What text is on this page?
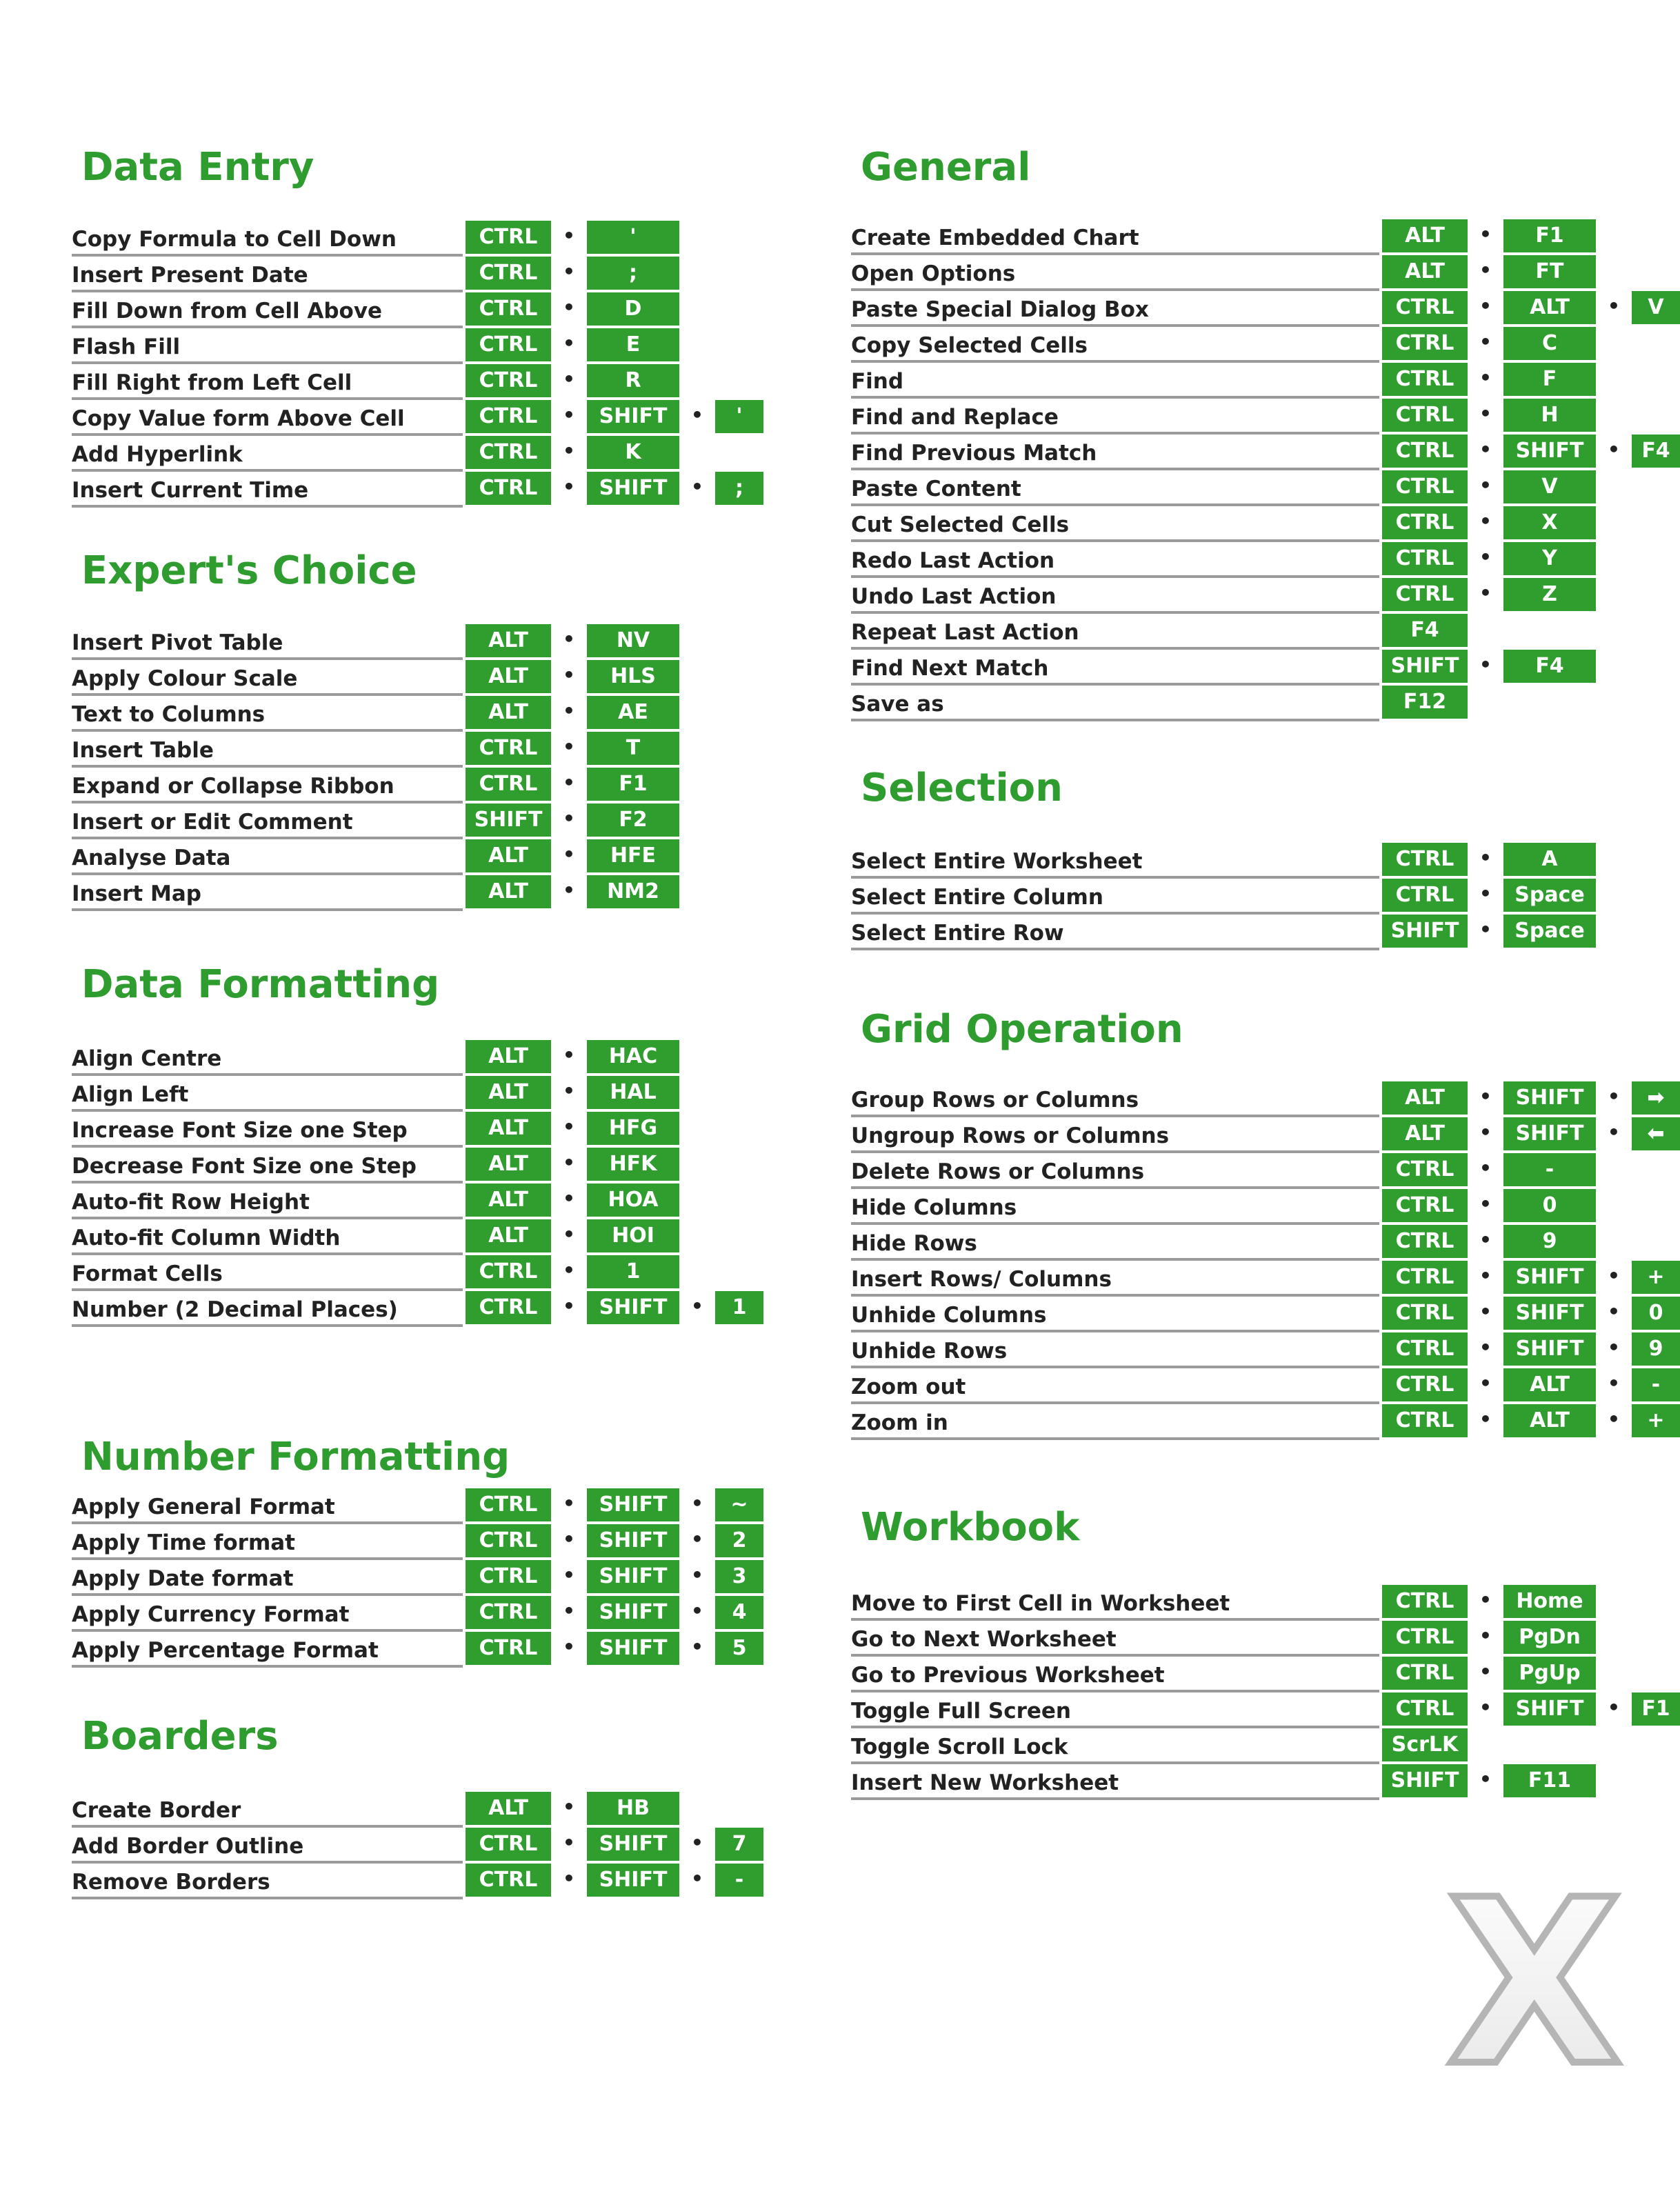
Data Entry
Copy Formula to Cell Down	CTRL	•	'
Insert Present Date	CTRL	•	;
Fill Down from Cell Above	CTRL	•	D
Flash Fill	CTRL	•	E
Fill Right from Left Cell	CTRL	•	R
Copy Value form Above Cell	CTRL	•	SHIFT	•	'
Add Hyperlink	CTRL	•	K
Insert Current Time	CTRL	•	SHIFT	•	;
Expert's Choice
Insert Pivot Table	ALT	•	NV
Apply Colour Scale	ALT	•	HLS
Text to Columns	ALT	•	AE
Insert Table	CTRL	•	T
Expand or Collapse Ribbon	CTRL	•	F1
Insert or Edit Comment	SHIFT	•	F2
Analyse Data	ALT	•	HFE
Insert Map	ALT	•	NM2
Data Formatting
Align Centre	ALT	•	HAC
Align Left	ALT	•	HAL
Increase Font Size one Step	ALT	•	HFG
Decrease Font Size one Step	ALT	•	HFK
Auto-fit Row Height	ALT	•	HOA
Auto-fit Column Width	ALT	•	HOI
Format Cells	CTRL	•	1
Number (2 Decimal Places)	CTRL	•	SHIFT	•	1
Number Formatting
Apply General Format	CTRL	•	SHIFT	•	~
Apply Time format	CTRL	•	SHIFT	•	2
Apply Date format	CTRL	•	SHIFT	•	3
Apply Currency Format	CTRL	•	SHIFT	•	4
Apply Percentage Format	CTRL	•	SHIFT	•	5
Boarders
Create Border	ALT	•	HB
Add Border Outline	CTRL	•	SHIFT	•	7
Remove Borders	CTRL	•	SHIFT	•	-
General
Create Embedded Chart	ALT	•	F1
Open Options	ALT	•	FT
Paste Special Dialog Box	CTRL	•	ALT	•	V
Copy Selected Cells	CTRL	•	C
Find	CTRL	•	F
Find and Replace	CTRL	•	H
Find Previous Match	CTRL	•	SHIFT	•	F4
Paste Content	CTRL	•	V
Cut Selected Cells	CTRL	•	X
Redo Last Action	CTRL	•	Y
Undo Last Action	CTRL	•	Z
Repeat Last Action	F4
Find Next Match	SHIFT	•	F4
Save as	F12
Selection
Select Entire Worksheet	CTRL	•	A
Select Entire Column	CTRL	•	Space
Select Entire Row	SHIFT	•	Space
Grid Operation
Group Rows or Columns	ALT	•	SHIFT	•	➡
Ungroup Rows or Columns	ALT	•	SHIFT	•	⬅
Delete Rows or Columns	CTRL	•	-
Hide Columns	CTRL	•	0
Hide Rows	CTRL	•	9
Insert Rows/ Columns	CTRL	•	SHIFT	•	+
Unhide Columns	CTRL	•	SHIFT	•	0
Unhide Rows	CTRL	•	SHIFT	•	9
Zoom out	CTRL	•	ALT	•	-
Zoom in	CTRL	•	ALT	•	+
Workbook
Move to First Cell in Worksheet	CTRL	•	Home
Go to Next Worksheet	CTRL	•	PgDn
Go to Previous Worksheet	CTRL	•	PgUp
Toggle Full Screen	CTRL	•	SHIFT	•	F1
Toggle Scroll Lock	ScrLK
Insert New Worksheet	SHIFT	•	F11
X
